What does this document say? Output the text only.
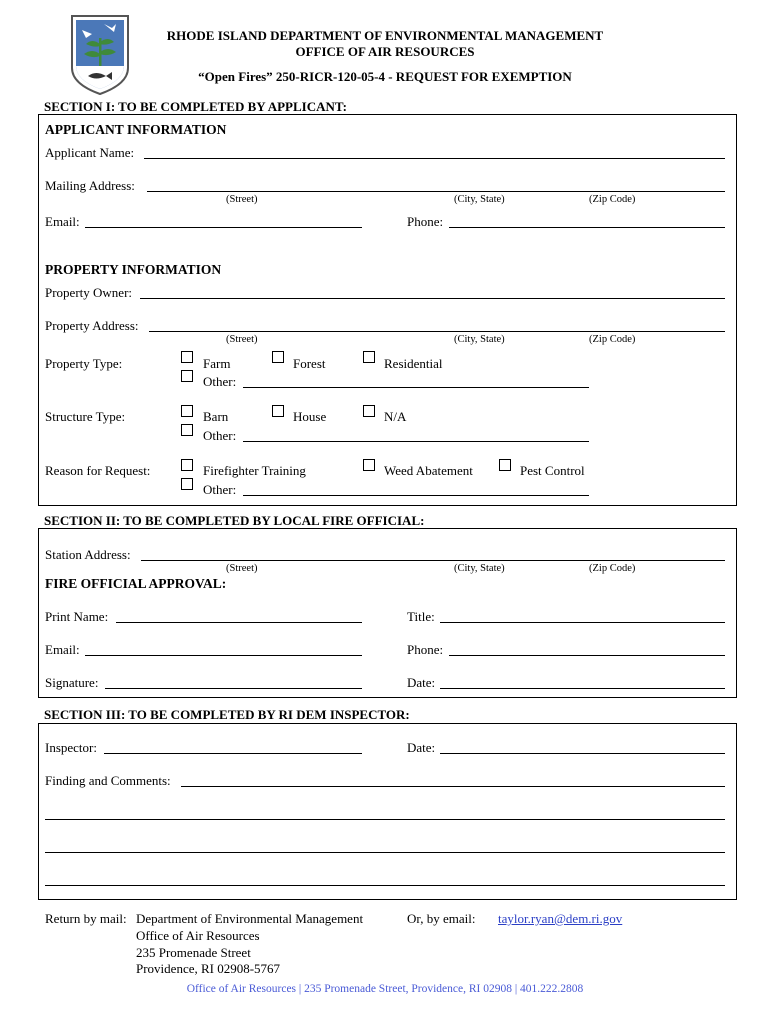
RHODE ISLAND DEPARTMENT OF ENVIRONMENTAL MANAGEMENT
OFFICE OF AIR RESOURCES
“Open Fires” 250-RICR-120-05-4 - REQUEST FOR EXEMPTION
SECTION I: TO BE COMPLETED BY APPLICANT:
APPLICANT INFORMATION
Applicant Name:
Mailing Address:
(Street)	(City, State)	(Zip Code)
Email:	Phone:
PROPERTY INFORMATION
Property Owner:
Property Address:
(Street)	(City, State)	(Zip Code)
Property Type:	Farm	Forest	Residential
Other:
Structure Type:	Barn	House	N/A
Other:
Reason for Request:	Firefighter Training	Weed Abatement	Pest Control
Other:
SECTION II: TO BE COMPLETED BY LOCAL FIRE OFFICIAL:
Station Address:
(Street)	(City, State)	(Zip Code)
FIRE OFFICIAL APPROVAL:
Print Name:	Title:
Email:	Phone:
Signature:	Date:
SECTION III: TO BE COMPLETED BY RI DEM INSPECTOR:
Inspector:	Date:
Finding and Comments:
Return by mail: Department of Environmental Management
Office of Air Resources
235 Promenade Street
Providence, RI 02908-5767
Or, by email: taylor.ryan@dem.ri.gov
Office of Air Resources | 235 Promenade Street, Providence, RI 02908 | 401.222.2808
